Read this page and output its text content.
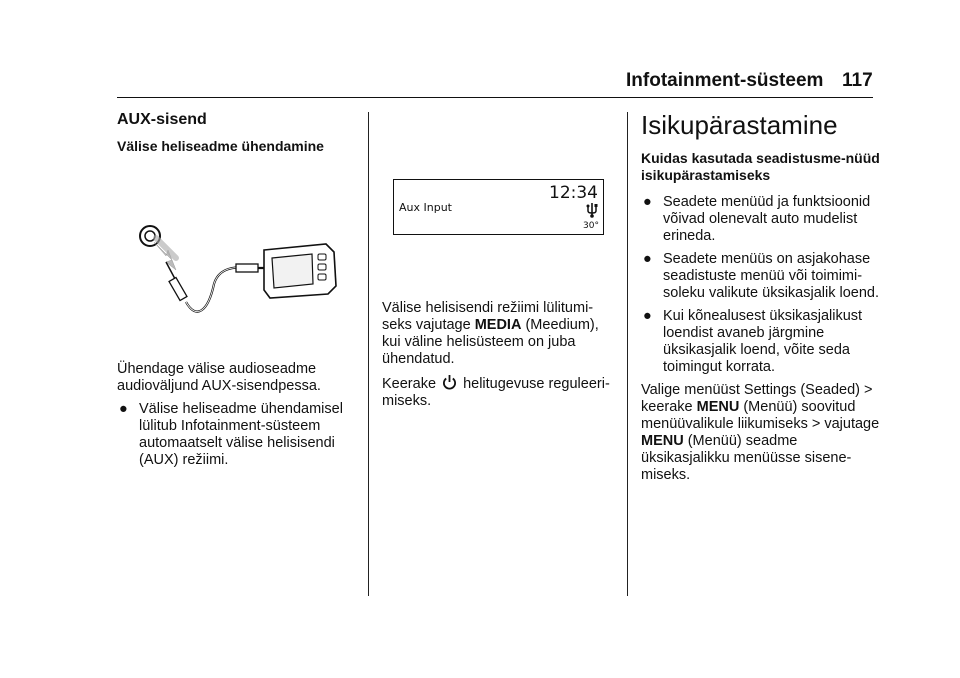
Infotainment-süsteem 117
AUX-sisend
Välise heliseadme ühendamine

Ühendage välise audioseadme audioväljund AUX-sisendpessa.

● Välise heliseadme ühendamisel lülitub Infotainment-süsteem automaatselt välise helisisendi (AUX) režiimi.
12:34
Aux Input
30°

Välise helisisendi režiimi lülitumi-seks vajutage MEDIA (Meedium), kui väline helisüsteem on juba ühendatud.

Keerake  helitugevuse reguleeri-miseks.

Isikupärastamine
Kuidas kasutada seadistusme-nüüd isikupärastamiseks
● Seadete menüüd ja funktsioonid võivad olenevalt auto mudelist erineda.
● Seadete menüüs on asjakohase seadistuste menüü või toimimi-soleku valikute üksikasjalik loend.
● Kui kõnealusest üksikasjalikust loendist avaneb järgmine üksikasjalik loend, võite seda toimingut korrata.

Valige menüüst Settings (Seaded) > keerake MENU (Menüü) soovitud menüüvalikule liikumiseks > vajutage MENU (Menüü) seadme üksikasjalikku menüüsse sisene-miseks.
